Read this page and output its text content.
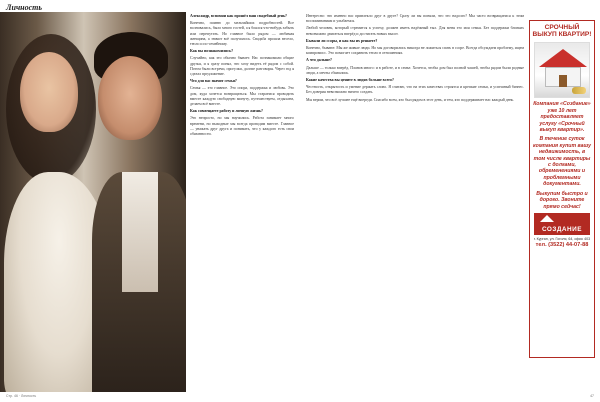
Личность

Александр, вспомни как прошёл ваш свадебный день?

Конечно, помню до мельчайших подробностей. Все волновались, было много гостей, а я боялся что-нибудь забыть или перепутать. Но главное было рядом — любимая женщина, а значит всё получилось. Свадьба прошла весело, тепло и по-семейному.

Как вы познакомились?

Случайно, как это обычно бывает. Нас познакомили общие друзья, и я сразу понял, что хочу видеть её рядом с собой. Потом были встречи, прогулки, долгие разговоры. Через год я сделал предложение.

Что для вас значит семья?

Семья — это главное. Это опора, поддержка и любовь. Это дом, куда хочется возвращаться. Мы стараемся проводить вместе каждую свободную минуту, путешествуем, отдыхаем, делаем всё вместе.

Как совмещаете работу и личную жизнь?

Это непросто, но мы научились. Работа занимает много времени, но выходные мы всегда проводим вместе. Главное — уважать друг друга и понимать, что у каждого есть свои обязанности.

Стр. 46 · Личность

Интересно: что именно вас привлекло друг в друге? Сразу ли вы поняли, что это надолго? Мы часто возвращаемся к этим воспоминаниям и улыбаемся.

Любой человек, который стремится к успеху, должен иметь надёжный тыл. Для меня это моя семья. Без поддержки близких невозможно двигаться вперёд и достигать новых высот.

Бывали ли ссоры, и как вы их решаете?

Конечно, бывают. Мы же живые люди. Но мы договорились никогда не ложиться спать в ссоре. Всегда обсуждаем проблему, ищем компромисс. Это помогает сохранить тепло в отношениях.

А что дальше?

Дальше — только вперёд. Планов много: и в работе, и в семье. Хочется, чтобы дом был полной чашей, чтобы рядом были родные люди, а мечты сбывались.

Какие качества вы цените в людях больше всего?

Честность, открытость и умение держать слово. Я считаю, что на этих качествах строятся и крепкие семьи, и успешный бизнес. Без доверия невозможно ничего создать.

Мы верим, что всё лучшее ещё впереди. Спасибо всем, кто был рядом в этот день, и тем, кто поддерживает нас каждый день.

СРОЧНЫЙ ВЫКУП КВАРТИР!
Компания «Создание» уже 10 лет предоставляет услугу «Срочный выкуп квартир».
В течение суток компания купит вашу недвижимость, в том числе квартиры с долгами, обременениями и проблемными документами.
Выкупим быстро и дорого. Звоните прямо сейчас!
СОЗДАНИЕ
г. Курган, ул. Гоголя, 64, офис 403
тел. (3522) 44-07-88
47
